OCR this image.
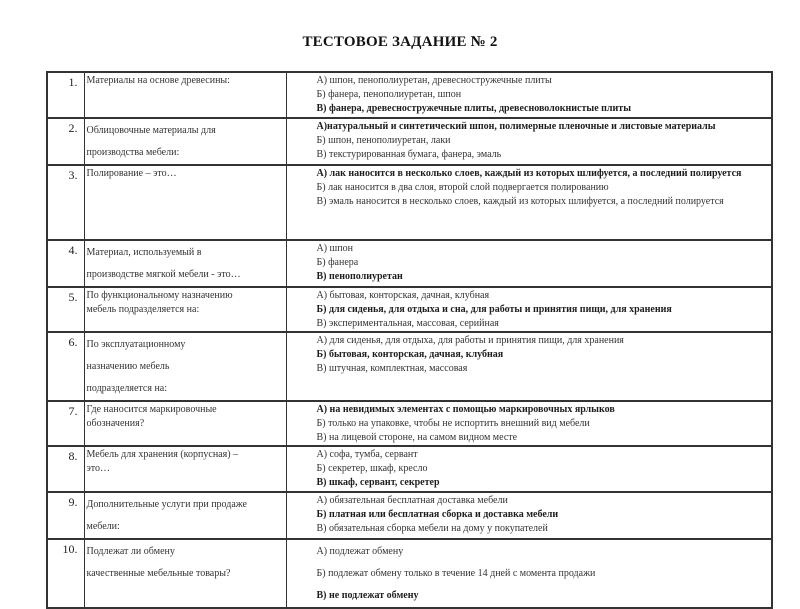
ТЕСТОВОЕ ЗАДАНИЕ № 2
1.	Материалы на основе древесины:	А) шпон, пенополиуретан, древесностружечные плиты
Б) фанера, пенополиуретан, шпон
В) фанера, древесностружечные плиты, древесноволокнистые плиты

2.	Облицовочные материалы для
производства мебели:	А)натуральный и синтетический шпон, полимерные пленочные и листовые материалы
Б) шпон, пенополиуретан, лаки
В) текстурированная бумага, фанера, эмаль

3.	Полирование – это…	А) лак наносится в несколько слоев, каждый из которых шлифуется, а последний полируется
Б) лак наносится в два слоя, второй слой подвергается полированию
В) эмаль наносится в несколько слоев, каждый из которых шлифуется, а последний полируется

4.	Материал, используемый в
производстве мягкой мебели - это…	А) шпон
Б) фанера
В) пенополиуретан

5.	По функциональному назначению
мебель подразделяется на:	А) бытовая, конторская, дачная, клубная
Б) для сиденья, для отдыха и сна, для работы и принятия пищи, для хранения
В) экспериментальная, массовая, серийная

6.	По эксплуатационному
назначению мебель
подразделяется на:	А) для сиденья, для отдыха, для работы и принятия пищи, для хранения
Б) бытовая, конторская, дачная, клубная
В) штучная, комплектная, массовая

7.	Где наносится маркировочные
обозначения?	А) на невидимых элементах с помощью маркировочных ярлыков
Б) только на упаковке, чтобы не испортить внешний вид мебели
В) на лицевой стороне, на самом видном месте

8.	Мебель для хранения (корпусная) –
это…	А) софа, тумба, сервант
Б) секретер, шкаф, кресло
В) шкаф, сервант, секретер

9.	Дополнительные услуги при продаже
мебели:	А) обязательная бесплатная доставка мебели
Б) платная или бесплатная сборка и доставка мебели
В) обязательная сборка мебели на дому у покупателей

10.	Подлежат ли обмену
качественные мебельные товары?	А) подлежат обмену
Б) подлежат обмену только в течение 14 дней с момента продажи
В) не подлежат обмену
